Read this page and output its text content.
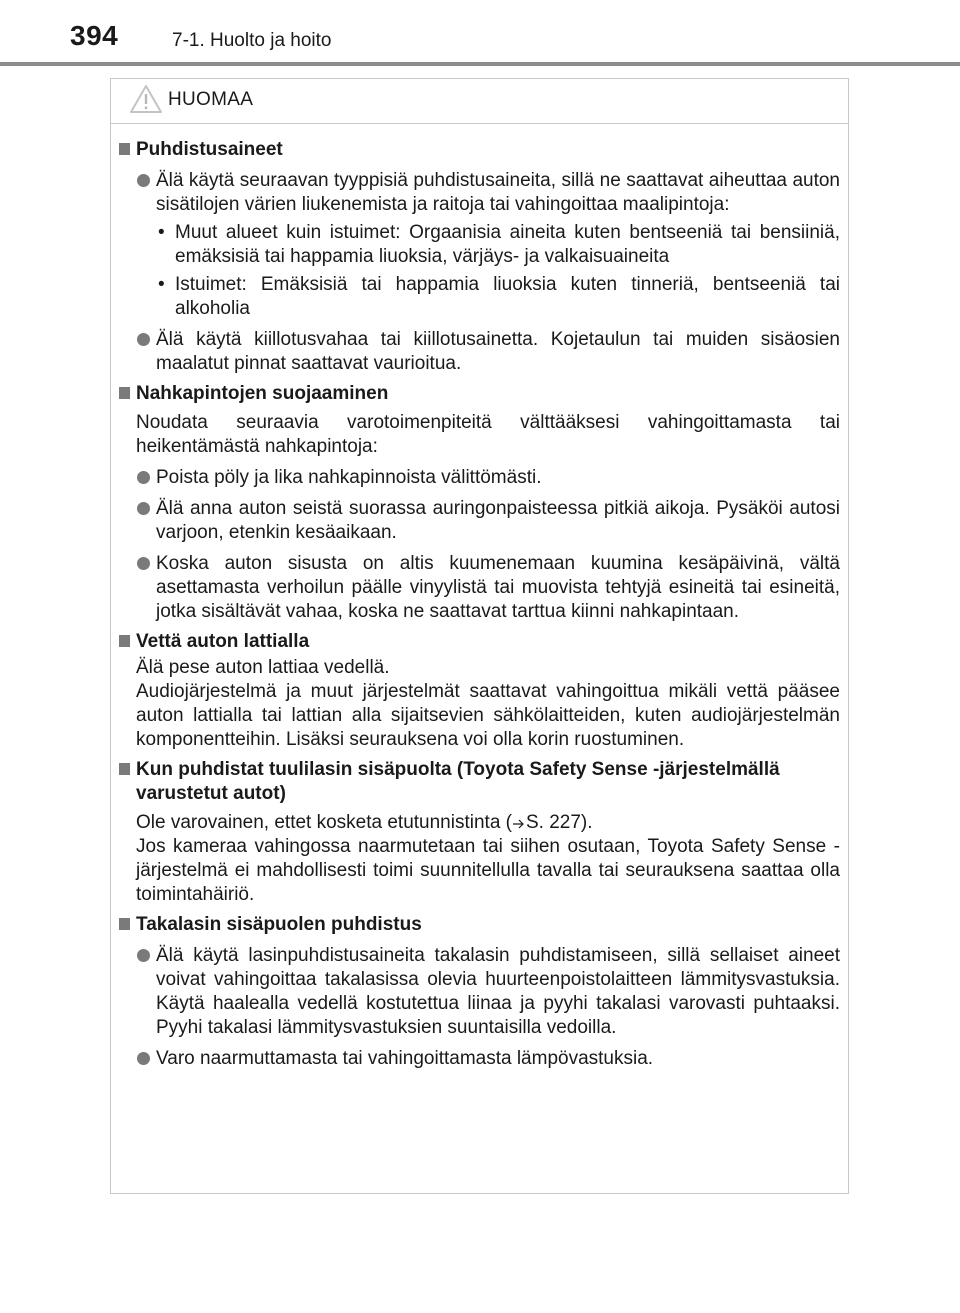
394	7-1. Huolto ja hoito
HUOMAA
Puhdistusaineet
Älä käytä seuraavan tyyppisiä puhdistusaineita, sillä ne saattavat aiheuttaa auton sisätilojen värien liukenemista ja raitoja tai vahingoittaa maalipintoja:
• Muut alueet kuin istuimet: Orgaanisia aineita kuten bentseeniä tai bensiiniä, emäksisiä tai happamia liuoksia, värjäys- ja valkaisuaineita
• Istuimet: Emäksisiä tai happamia liuoksia kuten tinneriä, bentseeniä tai alkoholia
Älä käytä kiillotusvahaa tai kiillotusainetta. Kojetaulun tai muiden sisäosien maalatut pinnat saattavat vaurioitua.
Nahkapintojen suojaaminen
Noudata seuraavia varotoimenpiteitä välttääksesi vahingoittamasta tai heikentämästä nahkapintoja:
Poista pöly ja lika nahkapinnoista välittömästi.
Älä anna auton seistä suorassa auringonpaisteessa pitkiä aikoja. Pysäköi autosi varjoon, etenkin kesäaikaan.
Koska auton sisusta on altis kuumenemaan kuumina kesäpäivinä, vältä asettamasta verhoilun päälle vinyylistä tai muovista tehtyjä esineitä tai esineitä, jotka sisältävät vahaa, koska ne saattavat tarttua kiinni nahkapintaan.
Vettä auton lattialla
Älä pese auton lattiaa vedellä.
Audiojärjestelmä ja muut järjestelmät saattavat vahingoittua mikäli vettä pääsee auton lattialla tai lattian alla sijaitsevien sähkölaitteiden, kuten audiojärjestelmän komponentteihin. Lisäksi seurauksena voi olla korin ruostuminen.
Kun puhdistat tuulilasin sisäpuolta (Toyota Safety Sense -järjestelmällä varustetut autot)
Ole varovainen, ettet kosketa etutunnistinta ( S. 227).
Jos kameraa vahingossa naarmutetaan tai siihen osutaan, Toyota Safety Sense -järjestelmä ei mahdollisesti toimi suunnitellulla tavalla tai seurauksena saattaa olla toimintahäiriö.
Takalasin sisäpuolen puhdistus
Älä käytä lasinpuhdistusaineita takalasin puhdistamiseen, sillä sellaiset aineet voivat vahingoittaa takalasissa olevia huurteenpoistolaitteen lämmitysvastuksia. Käytä haalealla vedellä kostutettua liinaa ja pyyhi takalasi varovasti puhtaaksi. Pyyhi takalasi lämmitysvastuksien suuntaisilla vedoilla.
Varo naarmuttamasta tai vahingoittamasta lämpövastuksia.
